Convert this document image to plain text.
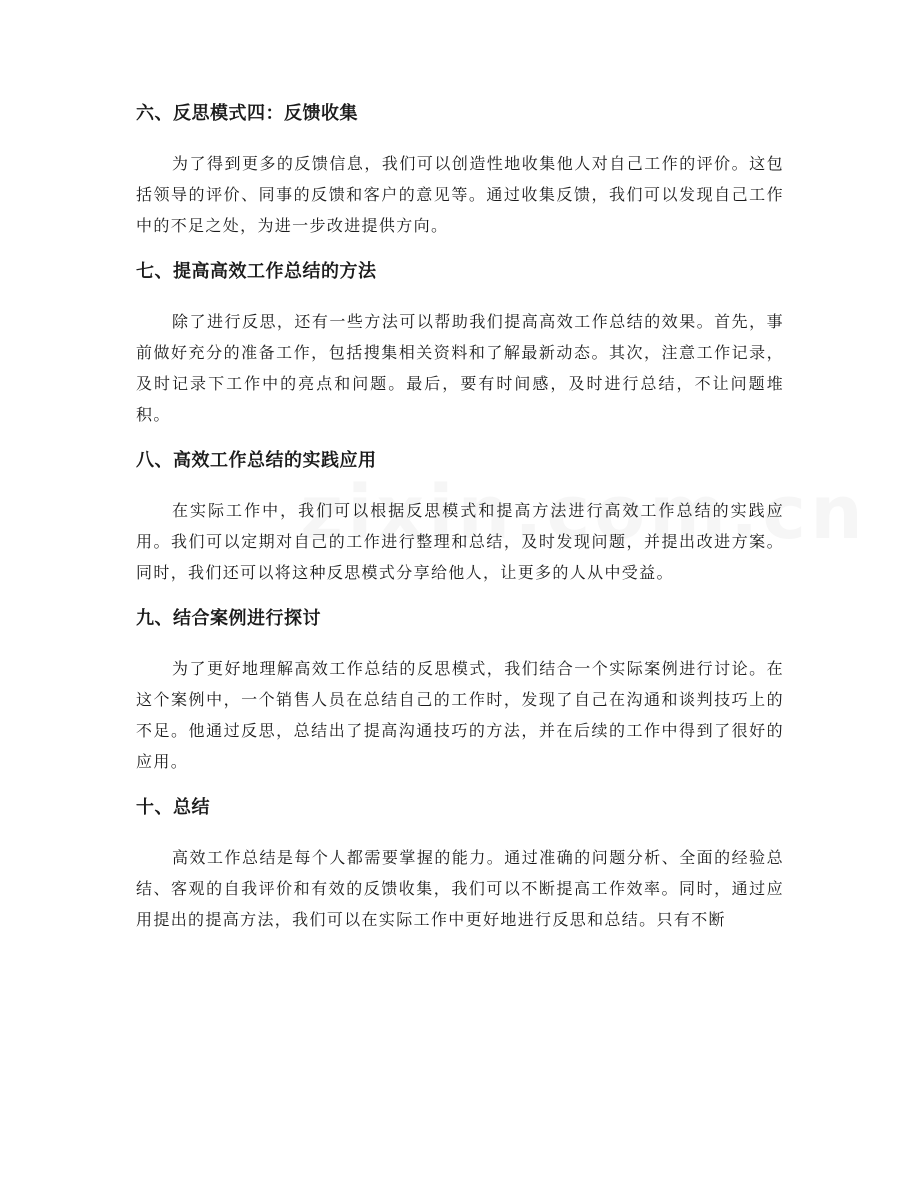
六、反思模式四：反馈收集

为了得到更多的反馈信息，我们可以创造性地收集他人对自己工作的评价。这包括领导的评价、同事的反馈和客户的意见等。通过收集反馈，我们可以发现自己工作中的不足之处，为进一步改进提供方向。

七、提高高效工作总结的方法

除了进行反思，还有一些方法可以帮助我们提高高效工作总结的效果。首先，事前做好充分的准备工作，包括搜集相关资料和了解最新动态。其次，注意工作记录，及时记录下工作中的亮点和问题。最后，要有时间感，及时进行总结，不让问题堆积。

八、高效工作总结的实践应用

在实际工作中，我们可以根据反思模式和提高方法进行高效工作总结的实践应用。我们可以定期对自己的工作进行整理和总结，及时发现问题，并提出改进方案。同时，我们还可以将这种反思模式分享给他人，让更多的人从中受益。

九、结合案例进行探讨

为了更好地理解高效工作总结的反思模式，我们结合一个实际案例进行讨论。在这个案例中，一个销售人员在总结自己的工作时，发现了自己在沟通和谈判技巧上的不足。他通过反思，总结出了提高沟通技巧的方法，并在后续的工作中得到了很好的应用。

十、总结

高效工作总结是每个人都需要掌握的能力。通过准确的问题分析、全面的经验总结、客观的自我评价和有效的反馈收集，我们可以不断提高工作效率。同时，通过应用提出的提高方法，我们可以在实际工作中更好地进行反思和总结。只有不断
